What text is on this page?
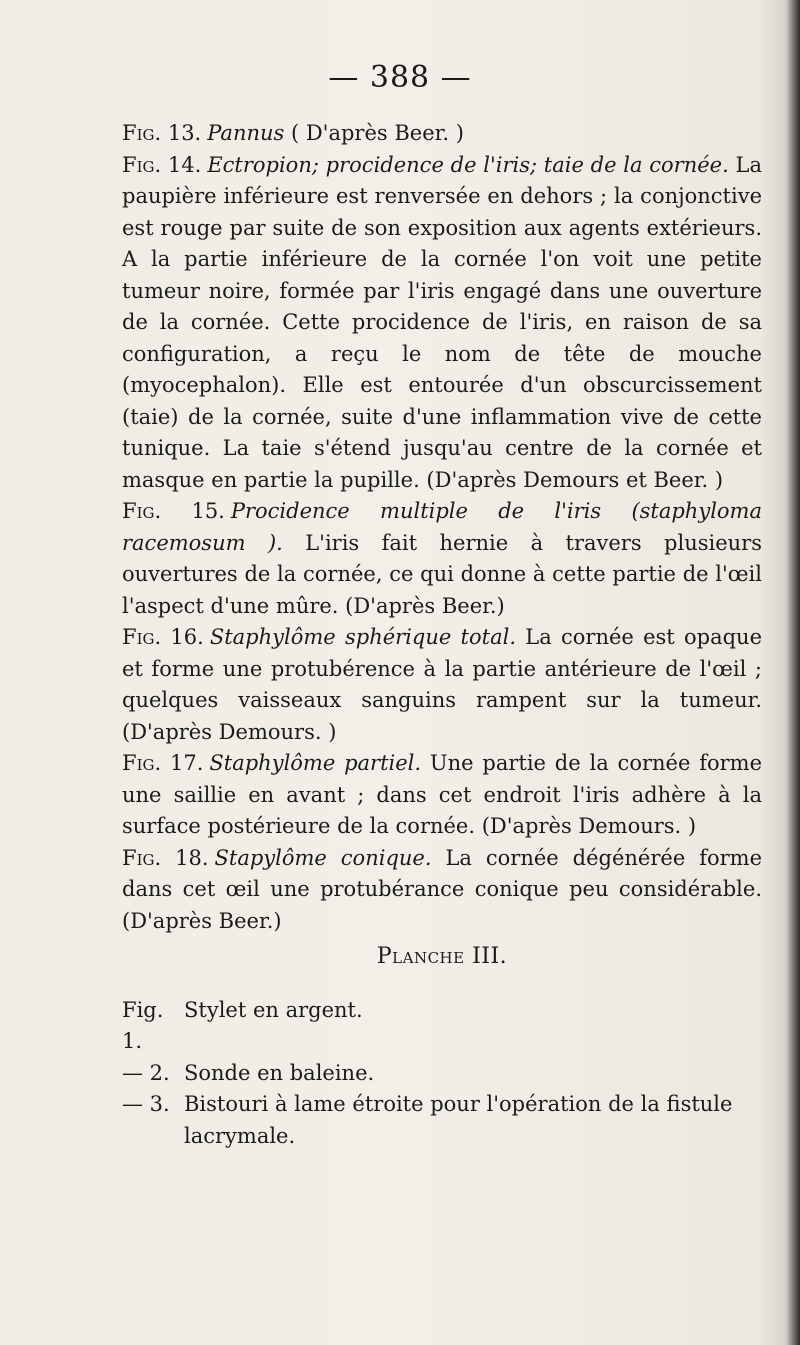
— 388 —

Fig. 13. Pannus ( D'après Beer. )

Fig. 14. Ectropion; procidence de l'iris; taie de la cornée. La paupière inférieure est renversée en dehors ; la conjonctive est rouge par suite de son exposition aux agents extérieurs. A la partie inférieure de la cornée l'on voit une petite tumeur noire, formée par l'iris engagé dans une ouverture de la cornée. Cette procidence de l'iris, en raison de sa configuration, a reçu le nom de tête de mouche (myocephalon). Elle est entourée d'un obscurcissement (taie) de la cornée, suite d'une inflammation vive de cette tunique. La taie s'étend jusqu'au centre de la cornée et masque en partie la pupille. (D'après Demours et Beer. )

Fig. 15. Procidence multiple de l'iris (staphyloma racemosum ). L'iris fait hernie à travers plusieurs ouvertures de la cornée, ce qui donne à cette partie de l'œil l'aspect d'une mûre. (D'après Beer.)

Fig. 16. Staphylôme sphérique total. La cornée est opaque et forme une protubérence à la partie antérieure de l'œil ; quelques vaisseaux sanguins rampent sur la tumeur. (D'après Demours. )

Fig. 17. Staphylôme partiel. Une partie de la cornée forme une saillie en avant ; dans cet endroit l'iris adhère à la surface postérieure de la cornée. (D'après Demours. )

Fig. 18. Stapylôme conique. La cornée dégénérée forme dans cet œil une protubérance conique peu considérable. (D'après Beer.)

Planche III.
Fig. 1.
Stylet en argent.
— 2. Sonde en baleine.
— 3. Bistouri à lame étroite pour l'opération de la fistule lacrymale.
